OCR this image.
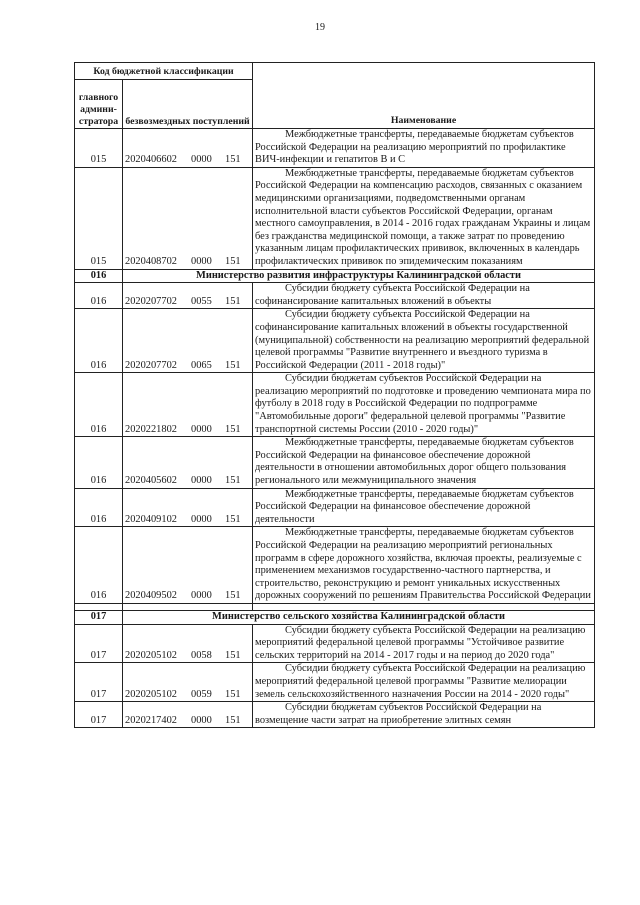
19
Код бюджетной классификации		Наименование
главного админи-стратора	безвозмездных поступлений	
015	2020406602 0000 151	Межбюджетные трансферты, передаваемые бюджетам субъектов Российской Федерации на реализацию мероприятий по профилактике ВИЧ-инфекции и гепатитов В и С
015	2020408702 0000 151	Межбюджетные трансферты, передаваемые бюджетам субъектов Российской Федерации на компенсацию расходов, связанных с оказанием медицинскими организациями, подведомственными органам исполнительной власти субъектов Российской Федерации, органам местного самоуправления, в 2014 - 2016 годах гражданам Украины и лицам без гражданства медицинской помощи, а также затрат по проведению указанным лицам профилактических прививок, включенных в календарь профилактических прививок по эпидемическим показаниям
016	Министерство развития инфраструктуры Калининградской области	
016	2020207702 0055 151	Субсидии бюджету субъекта Российской Федерации на софинансирование капитальных вложений в объекты
016	2020207702 0065 151	Субсидии бюджету субъекта Российской Федерации на софинансирование капитальных вложений в объекты государственной (муниципальной) собственности на реализацию мероприятий федеральной целевой программы "Развитие внутреннего и въездного туризма в Российской Федерации (2011 - 2018 годы)"
016	2020221802 0000 151	Субсидии бюджетам субъектов Российской Федерации на реализацию мероприятий по подготовке и проведению чемпионата мира по футболу в 2018 году в Российской Федерации по подпрограмме "Автомобильные дороги" федеральной целевой программы "Развитие транспортной системы России (2010 - 2020 годы)"
016	2020405602 0000 151	Межбюджетные трансферты, передаваемые бюджетам субъектов Российской Федерации на финансовое обеспечение дорожной деятельности в отношении автомобильных дорог общего пользования регионального или межмуниципального значения
016	2020409102 0000 151	Межбюджетные трансферты, передаваемые бюджетам субъектов Российской Федерации на финансовое обеспечение дорожной деятельности
016	2020409502 0000 151	Межбюджетные трансферты, передаваемые бюджетам субъектов Российской Федерации на реализацию мероприятий региональных программ в сфере дорожного хозяйства, включая проекты, реализуемые с применением механизмов государственно-частного партнерства, и строительство, реконструкцию и ремонт уникальных искусственных дорожных сооружений по решениям Правительства Российской Федерации

017	Министерство сельского хозяйства Калининградской области	
017	2020205102 0058 151	Субсидии бюджету субъекта Российской Федерации на реализацию мероприятий федеральной целевой программы "Устойчивое развитие сельских территорий на 2014 - 2017 годы и на период до 2020 года"
017	2020205102 0059 151	Субсидии бюджету субъекта Российской Федерации на реализацию мероприятий федеральной целевой программы "Развитие мелиорации земель сельскохозяйственного назначения России на 2014 - 2020 годы"
017	2020217402 0000 151	Субсидии бюджетам субъектов Российской Федерации на возмещение части затрат на приобретение элитных семян
